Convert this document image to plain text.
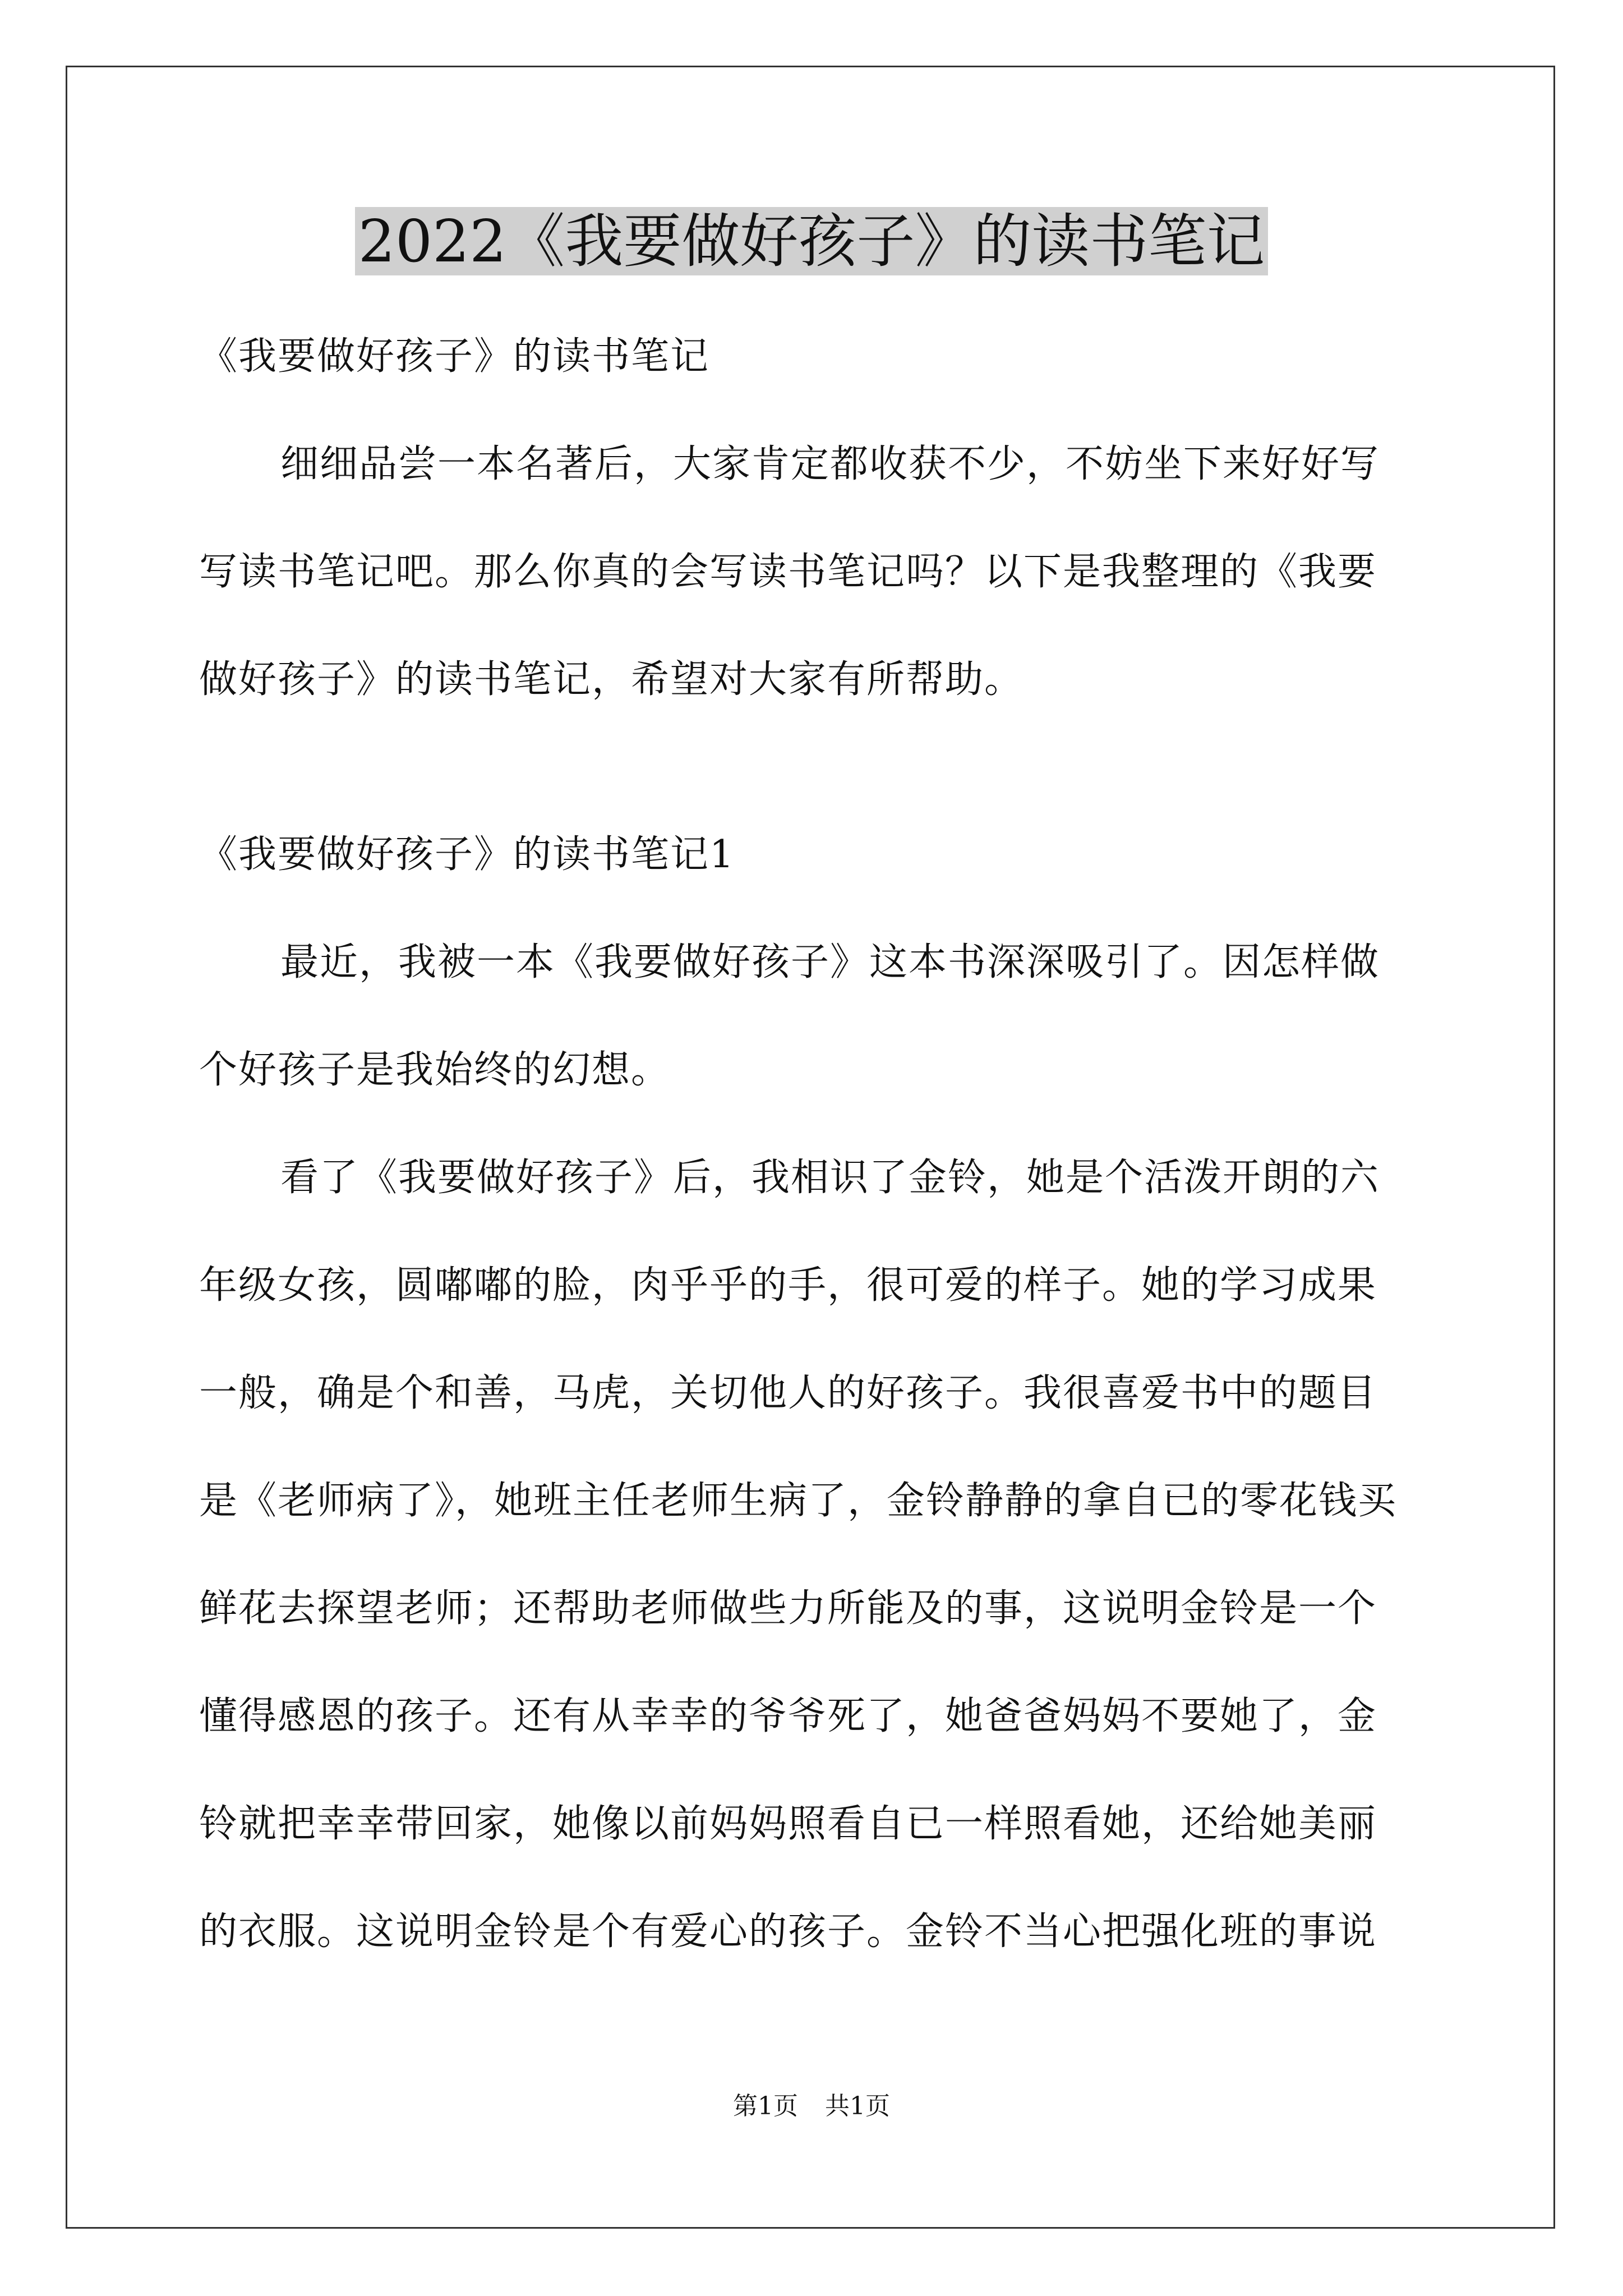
2022《我要做好孩子》的读书笔记
《我要做好孩子》的读书笔记
细细品尝一本名著后，大家肯定都收获不少，不妨坐下来好好写
写读书笔记吧。那么你真的会写读书笔记吗？以下是我整理的《我要
做好孩子》的读书笔记，希望对大家有所帮助。
《我要做好孩子》的读书笔记1
最近，我被一本《我要做好孩子》这本书深深吸引了。因怎样做
个好孩子是我始终的幻想。
看了《我要做好孩子》后，我相识了金铃，她是个活泼开朗的六
年级女孩，圆嘟嘟的脸，肉乎乎的手，很可爱的样子。她的学习成果
一般，确是个和善，马虎，关切他人的好孩子。我很喜爱书中的题目
是《老师病了》，她班主任老师生病了，金铃静静的拿自已的零花钱买
鲜花去探望老师；还帮助老师做些力所能及的事，这说明金铃是一个
懂得感恩的孩子。还有从幸幸的爷爷死了，她爸爸妈妈不要她了，金
铃就把幸幸带回家，她像以前妈妈照看自已一样照看她，还给她美丽
的衣服。这说明金铃是个有爱心的孩子。金铃不当心把强化班的事说
第1页 共1页
